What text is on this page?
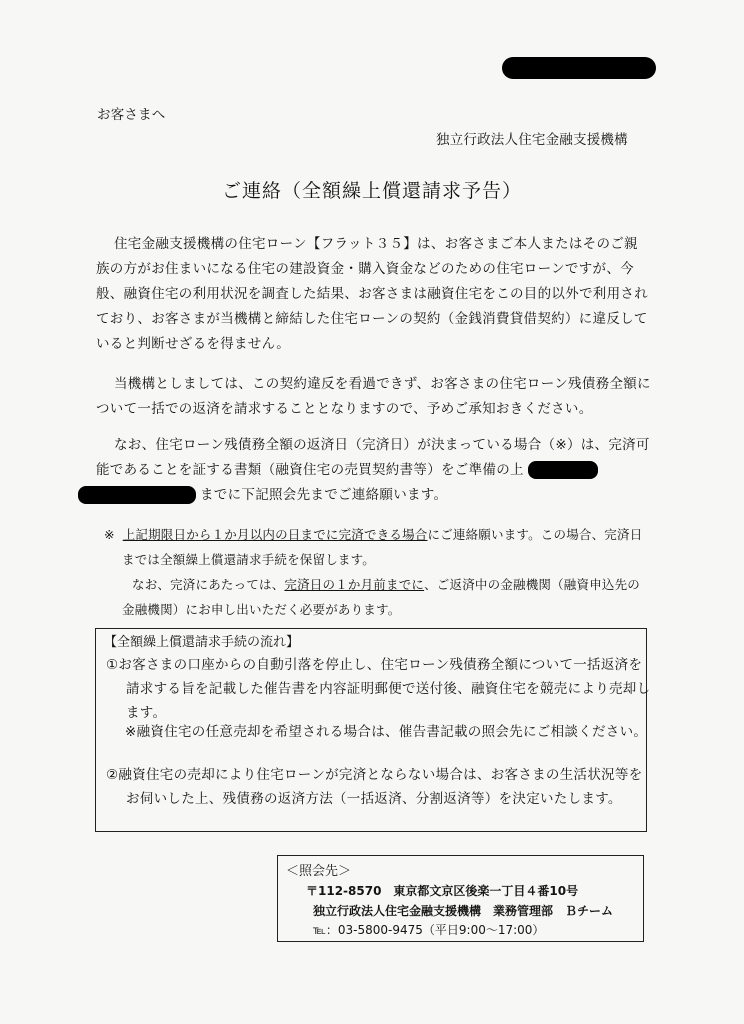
お客さまへ
独立行政法人住宅金融支援機構
ご連絡（全額繰上償還請求予告）
住宅金融支援機構の住宅ローン【フラット３５】は、お客さまご本人またはそのご親族の方がお住まいになる住宅の建設資金・購入資金などのための住宅ローンですが、今般、融資住宅の利用状況を調査した結果、お客さまは融資住宅をこの目的以外で利用されており、お客さまが当機構と締結した住宅ローンの契約（金銭消費貸借契約）に違反していると判断せざるを得ません。
当機構としましては、この契約違反を看過できず、お客さまの住宅ローン残債務全額について一括での返済を請求することとなりますので、予めご承知おきください。
なお、住宅ローン残債務全額の返済日（完済日）が決まっている場合（※）は、完済可能であることを証する書類（融資住宅の売買契約書等）をご準備の上
までに下記照会先までご連絡願います。
※ 上記期限日から１か月以内の日までに完済できる場合にご連絡願います。この場合、完済日までは全額繰上償還請求手続を保留します。
なお、完済にあたっては、完済日の１か月前までに、ご返済中の金融機関（融資申込先の金融機関）にお申し出いただく必要があります。
【全額繰上償還請求手続の流れ】
①お客さまの口座からの自動引落を停止し、住宅ローン残債務全額について一括返済を請求する旨を記載した催告書を内容証明郵便で送付後、融資住宅を競売により売却します。
※融資住宅の任意売却を希望される場合は、催告書記載の照会先にご相談ください。
②融資住宅の売却により住宅ローンが完済とならない場合は、お客さまの生活状況等をお伺いした上、残債務の返済方法（一括返済、分割返済等）を決定いたします。
＜照会先＞
〒112-8570　東京都文京区後楽一丁目４番10号
独立行政法人住宅金融支援機構　業務管理部　Ｂチーム
℡：03-5800-9475（平日9:00～17:00）
